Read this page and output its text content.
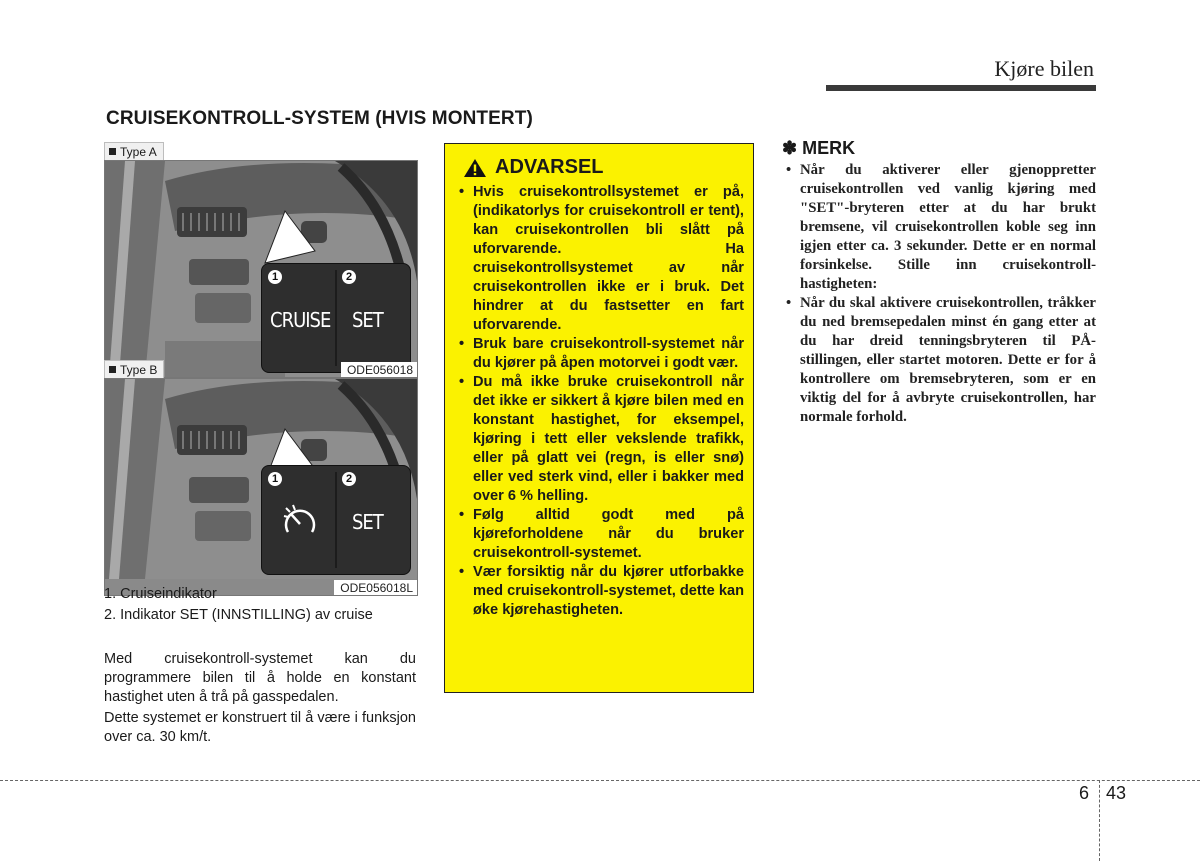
Kjøre bilen
CRUISEKONTROLL-SYSTEM (HVIS MONTERT)
Type A
1	2
CRUISE SET
ODE056018
Type B
1	2
SET
ODE056018L
1. Cruiseindikator
2. Indikator SET (INNSTILLING) av cruise

Med cruisekontroll-systemet kan du programmere bilen til å holde en konstant hastighet uten å trå på gasspedalen.

Dette systemet er konstruert til å være i funksjon over ca. 30 km/t.

ADVARSEL
• Hvis cruisekontrollsystemet er på, (indikatorlys for cruisekontroll er tent), kan cruisekontrollen bli slått på uforvarende. Ha cruisekontrollsystemet av når cruisekontrollen ikke er i bruk. Det hindrer at du fastsetter en fart uforvarende.
• Bruk bare cruisekontroll-systemet når du kjører på åpen motorvei i godt vær.
• Du må ikke bruke cruisekontroll når det ikke er sikkert å kjøre bilen med en konstant hastighet, for eksempel, kjøring i tett eller vekslende trafikk, eller på glatt vei (regn, is eller snø) eller ved sterk vind, eller i bakker med over 6 % helling.
• Følg alltid godt med på kjøreforholdene når du bruker cruisekontroll-systemet.
• Vær forsiktig når du kjører utforbakke med cruisekontroll-systemet, dette kan øke kjørehastigheten.
✽ MERK
• Når du aktiverer eller gjenoppretter cruisekontrollen ved vanlig kjøring med "SET"-bryteren etter at du har brukt bremsene, vil cruisekontrollen koble seg inn igjen etter ca. 3 sekunder. Dette er en normal forsinkelse. Stille inn cruisekontroll-hastigheten:
• Når du skal aktivere cruisekontrollen, tråkker du ned bremsepedalen minst én gang etter at du har dreid tenningsbryteren til PÅ-stillingen, eller startet motoren. Dette er for å kontrollere om bremsebryteren, som er en viktig del for å avbryte cruisekontrollen, har normale forhold.
6 43
